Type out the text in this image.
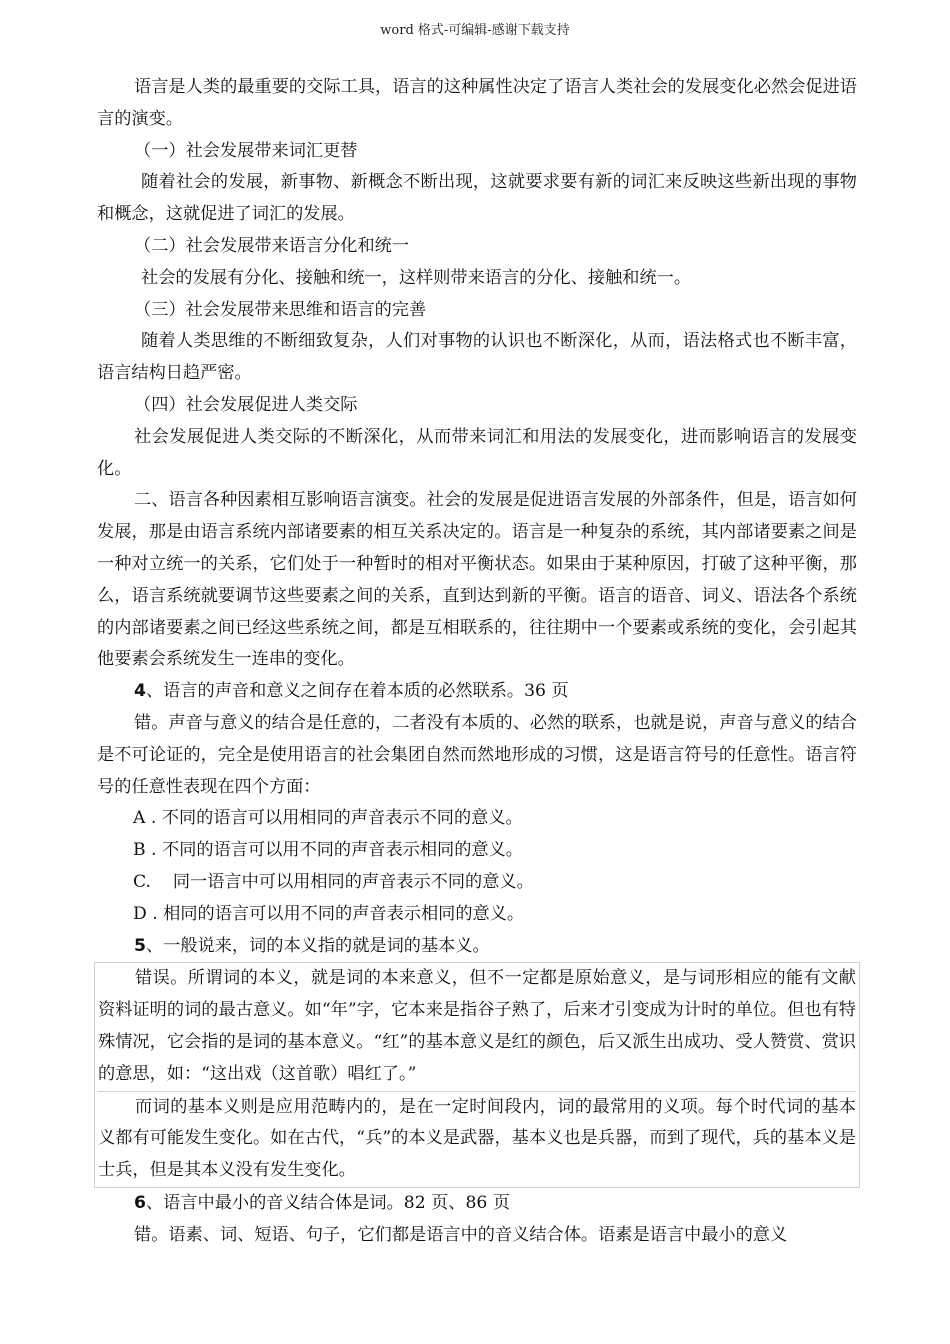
word 格式-可编辑-感谢下载支持

语言是人类的最重要的交际工具，语言的这种属性决定了语言人类社会的发展变化必然会促进语言的演变。

（一）社会发展带来词汇更替

随着社会的发展，新事物、新概念不断出现，这就要求要有新的词汇来反映这些新出现的事物和概念，这就促进了词汇的发展。

（二）社会发展带来语言分化和统一

社会的发展有分化、接触和统一，这样则带来语言的分化、接触和统一。

（三）社会发展带来思维和语言的完善

随着人类思维的不断细致复杂，人们对事物的认识也不断深化，从而，语法格式也不断丰富，语言结构日趋严密。

（四）社会发展促进人类交际

社会发展促进人类交际的不断深化，从而带来词汇和用法的发展变化，进而影响语言的发展变化。

二、语言各种因素相互影响语言演变。社会的发展是促进语言发展的外部条件，但是，语言如何发展，那是由语言系统内部诸要素的相互关系决定的。语言是一种复杂的系统，其内部诸要素之间是一种对立统一的关系，它们处于一种暂时的相对平衡状态。如果由于某种原因，打破了这种平衡，那么，语言系统就要调节这些要素之间的关系，直到达到新的平衡。语言的语音、词义、语法各个系统的内部诸要素之间已经这些系统之间，都是互相联系的，往往期中一个要素或系统的变化，会引起其他要素会系统发生一连串的变化。

4、语言的声音和意义之间存在着本质的必然联系。36 页

错。声音与意义的结合是任意的，二者没有本质的、必然的联系，也就是说，声音与意义的结合是不可论证的，完全是使用语言的社会集团自然而然地形成的习惯，这是语言符号的任意性。语言符号的任意性表现在四个方面：

A . 不同的语言可以用相同的声音表示不同的意义。

B . 不同的语言可以用不同的声音表示相同的意义。

C.    同一语言中可以用相同的声音表示不同的意义。

D . 相同的语言可以用不同的声音表示相同的意义。

5、一般说来，词的本义指的就是词的基本义。

错误。所谓词的本义，就是词的本来意义，但不一定都是原始意义，是与词形相应的能有文献资料证明的词的最古意义。如“年”字，它本来是指谷子熟了，后来才引变成为计时的单位。但也有特殊情况，它会指的是词的基本意义。“红”的基本意义是红的颜色，后又派生出成功、受人赞赏、赏识的意思，如：“这出戏（这首歌）唱红了。”

而词的基本义则是应用范畴内的，是在一定时间段内，词的最常用的义项。每个时代词的基本义都有可能发生变化。如在古代，“兵”的本义是武器，基本义也是兵器，而到了现代，兵的基本义是士兵，但是其本义没有发生变化。

6、语言中最小的音义结合体是词。82 页、86 页

错。语素、词、短语、句子，它们都是语言中的音义结合体。语素是语言中最小的意义
